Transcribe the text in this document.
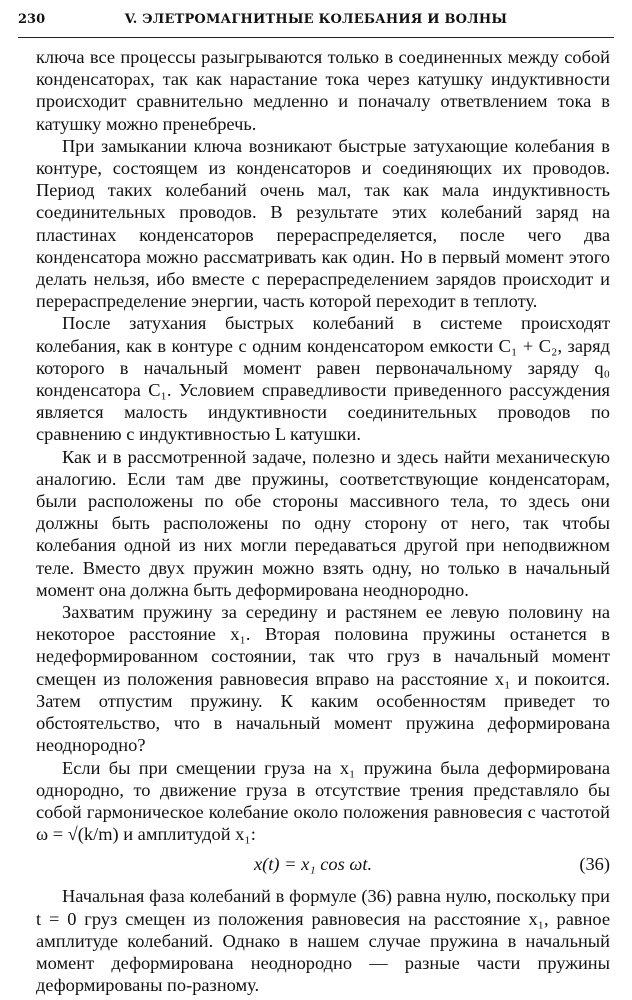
230	V. ЭЛЕТРОМАГНИТНЫЕ КОЛЕБАНИЯ И ВОЛНЫ

ключа все процессы разыгрываются только в соединенных между собой конденсаторах, так как нарастание тока через катушку индуктивности происходит сравнительно медленно и поначалу ответвлением тока в катушку можно пренебречь.

При замыкании ключа возникают быстрые затухающие колебания в контуре, состоящем из конденсаторов и соединяющих их проводов. Период таких колебаний очень мал, так как мала индуктивность соединительных проводов. В результате этих колебаний заряд на пластинах конденсаторов перераспределяется, после чего два конденсатора можно рассматривать как один. Но в первый момент этого делать нельзя, ибо вместе с перераспределением зарядов происходит и перераспределение энергии, часть которой переходит в теплоту.

После затухания быстрых колебаний в системе происходят колебания, как в контуре с одним конденсатором емкости C₁ + C₂, заряд которого в начальный момент равен первоначальному заряду q₀ конденсатора C₁. Условием справедливости приведенного рассуждения является малость индуктивности соединительных проводов по сравнению с индуктивностью L катушки.

Как и в рассмотренной задаче, полезно и здесь найти механическую аналогию. Если там две пружины, соответствующие конденсаторам, были расположены по обе стороны массивного тела, то здесь они должны быть расположены по одну сторону от него, так чтобы колебания одной из них могли передаваться другой при неподвижном теле. Вместо двух пружин можно взять одну, но только в начальный момент она должна быть деформирована неоднородно.

Захватим пружину за середину и растянем ее левую половину на некоторое расстояние x₁. Вторая половина пружины останется в недеформированном состоянии, так что груз в начальный момент смещен из положения равновесия вправо на расстояние x₁ и покоится. Затем отпустим пружину. К каким особенностям приведет то обстоятельство, что в начальный момент пружина деформирована неоднородно?

Если бы при смещении груза на x₁ пружина была деформирована однородно, то движение груза в отсутствие трения представляло бы собой гармоническое колебание около положения равновесия с частотой ω = √(k/m) и амплитудой x₁:

x(t) = x₁ cos ωt.	(36)

Начальная фаза колебаний в формуле (36) равна нулю, поскольку при t = 0 груз смещен из положения равновесия на расстояние x₁, равное амплитуде колебаний. Однако в нашем случае пружина в начальный момент деформирована неоднородно — разные части пружины деформированы по-разному.
